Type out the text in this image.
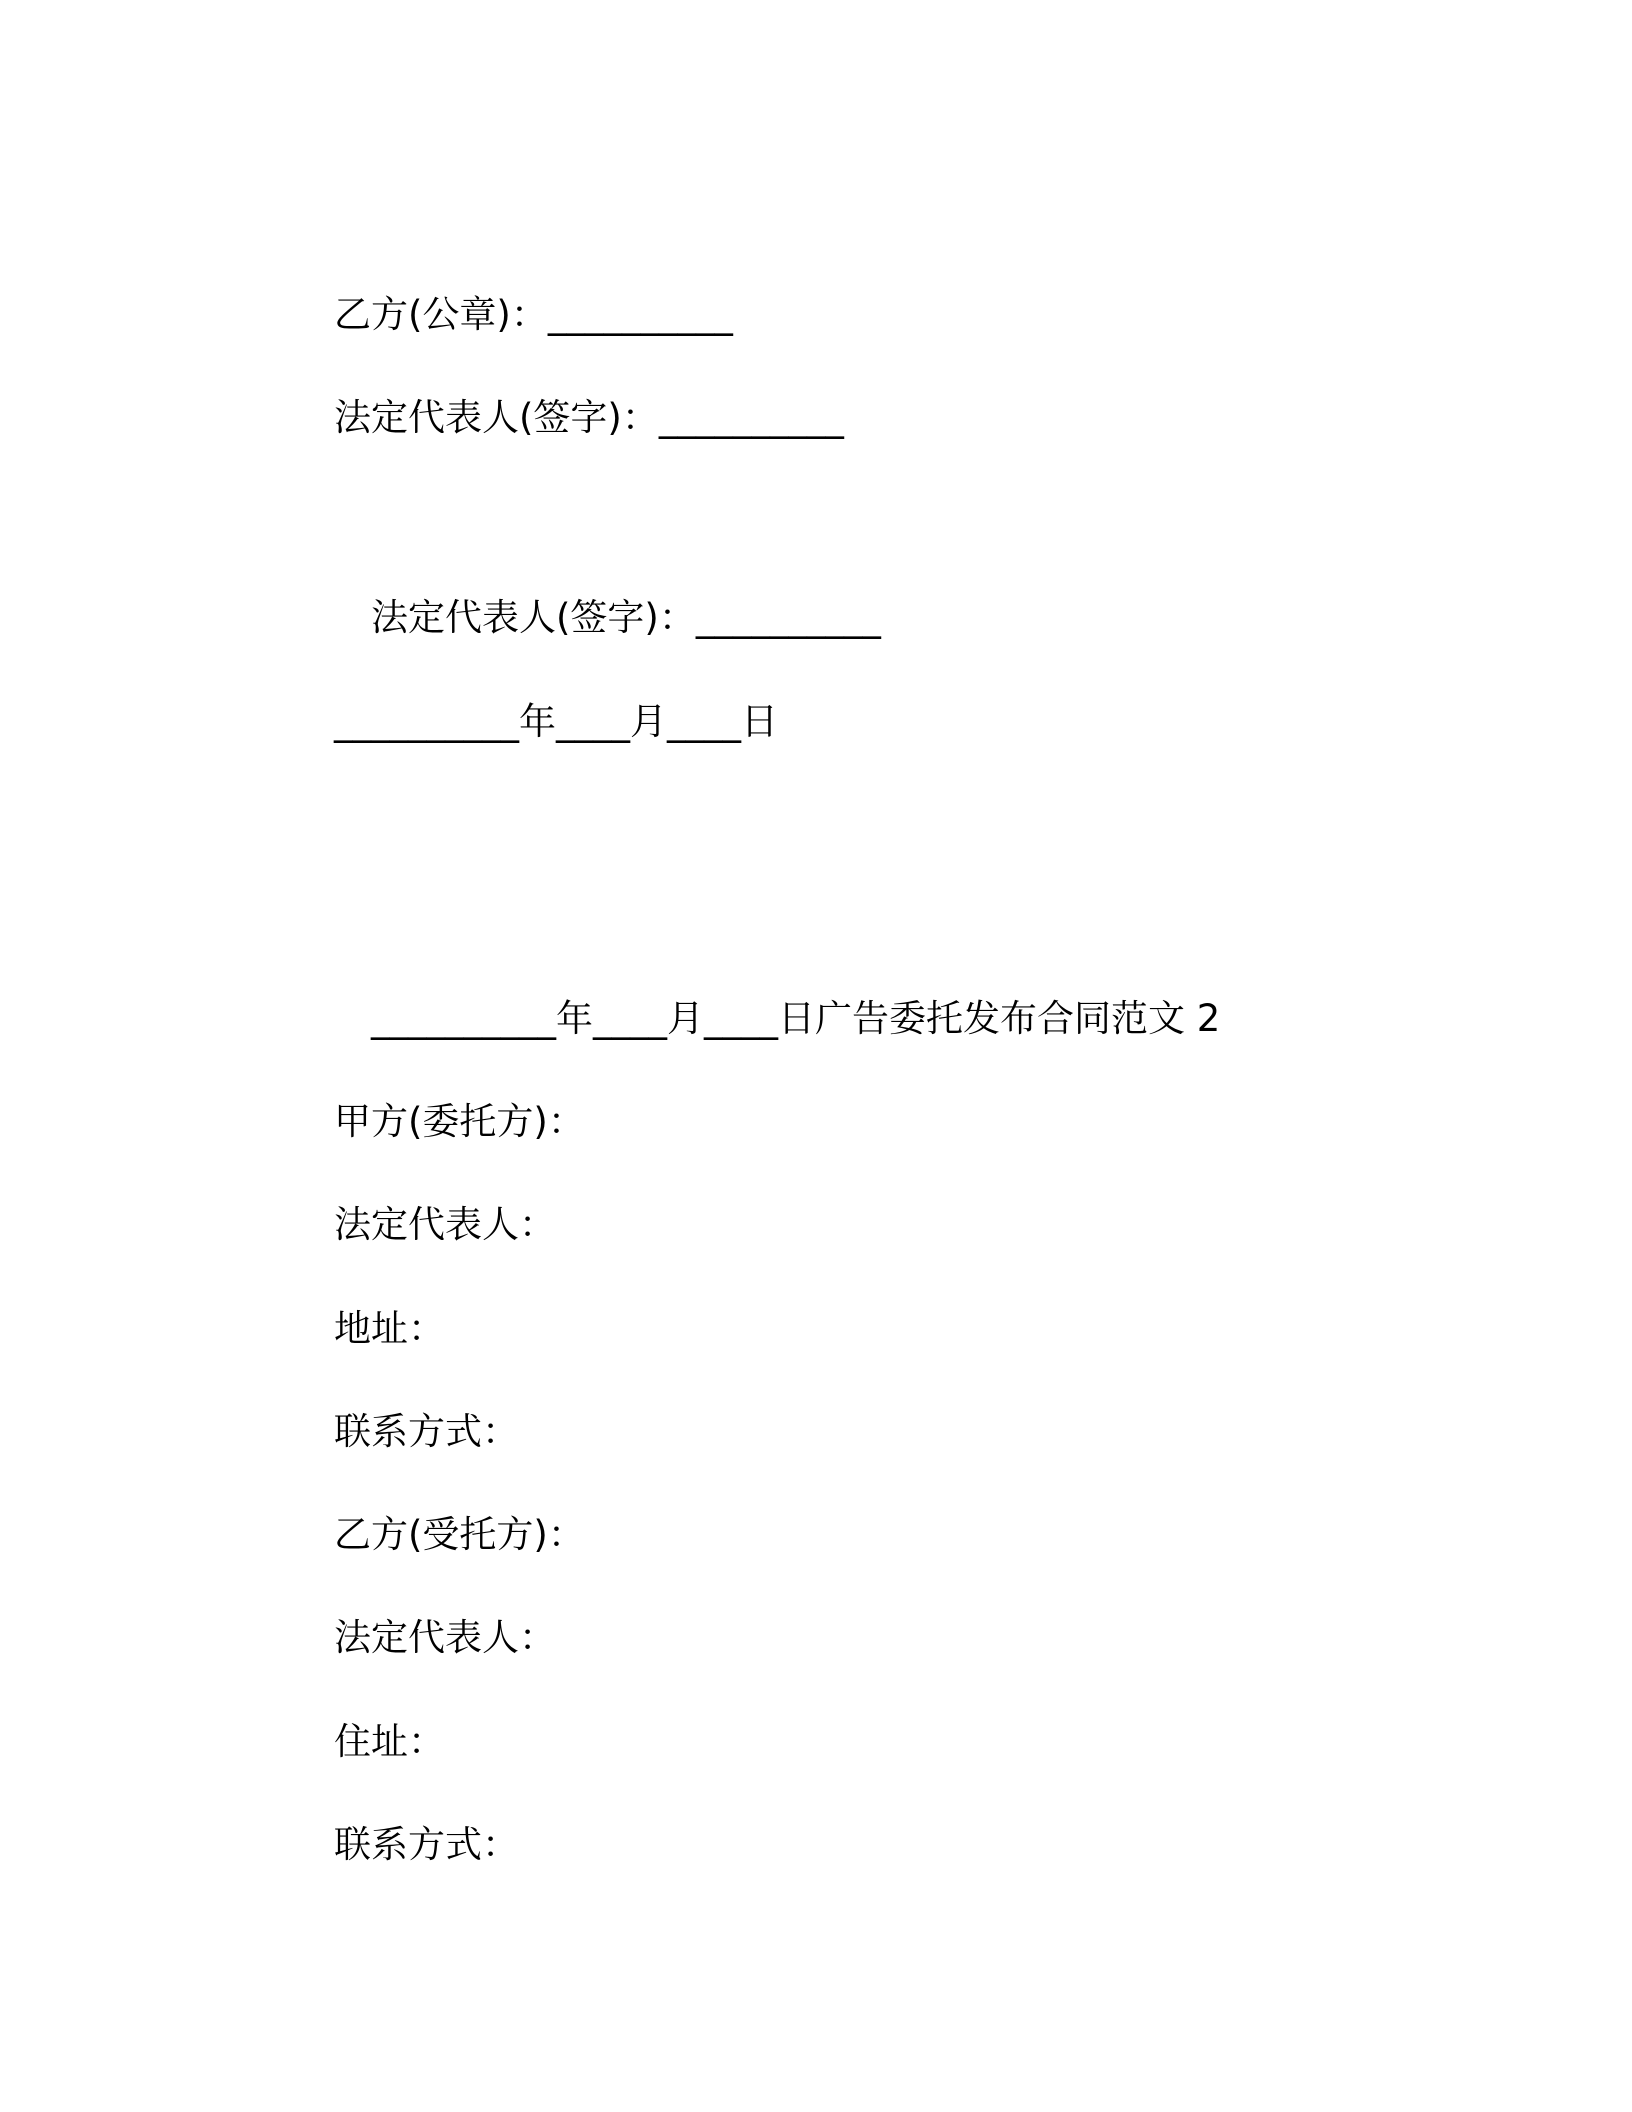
乙方(公章)：__________
法定代表人(签字)：__________
法定代表人(签字)：__________
__________年____月____日
__________年____月____日广告委托发布合同范文 2
甲方(委托方)：
法定代表人：
地址：
联系方式：
乙方(受托方)：
法定代表人：
住址：
联系方式：
